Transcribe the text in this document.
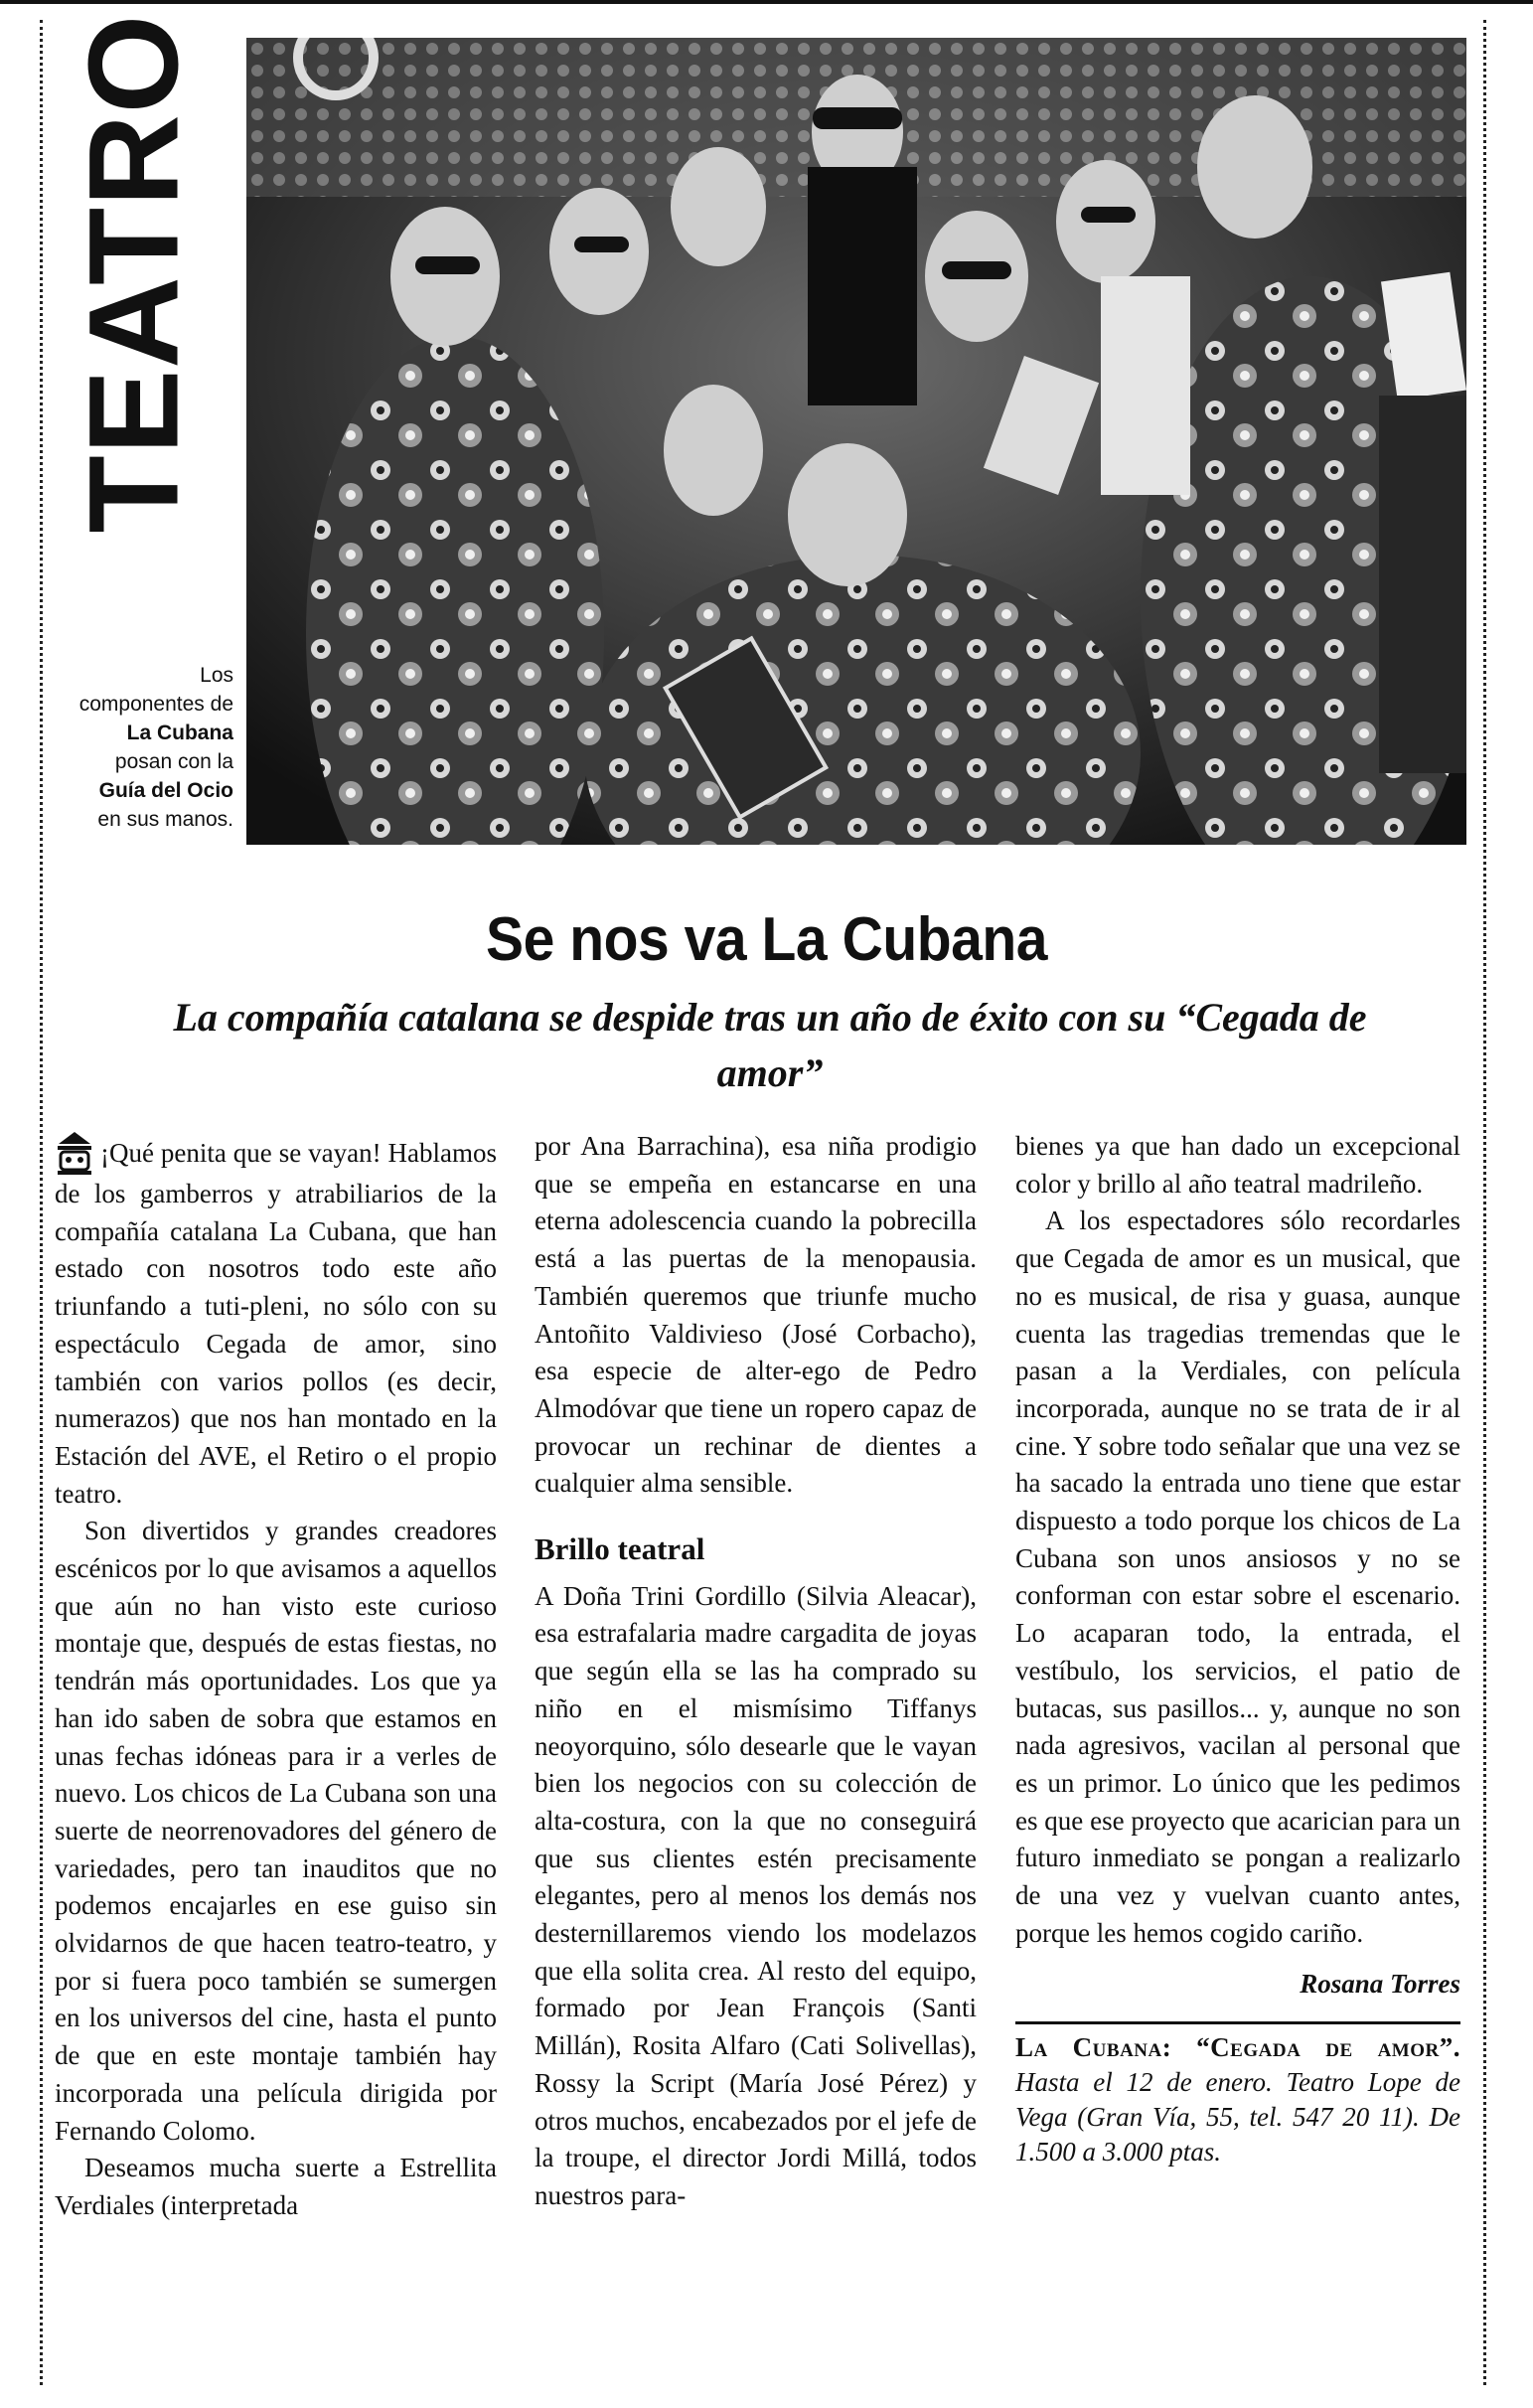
TEATRO
Los
componentes de
La Cubana
posan con la
Guía del Ocio
en sus manos.
Se nos va La Cubana
La compañía catalana se despide tras un año de éxito con su “Cegada de amor”

¡Qué penita que se vayan! Hablamos de los gamberros y atrabiliarios de la compañía catalana La Cubana, que han estado con nosotros todo este año triunfando a tuti-pleni, no sólo con su espectáculo Cegada de amor, sino también con varios pollos (es decir, numerazos) que nos han montado en la Estación del AVE, el Retiro o el propio teatro.

Son divertidos y grandes creadores escénicos por lo que avisamos a aquellos que aún no han visto este curioso montaje que, después de estas fiestas, no tendrán más oportunidades. Los que ya han ido saben de sobra que estamos en unas fechas idóneas para ir a verles de nuevo. Los chicos de La Cubana son una suerte de neorrenovadores del género de variedades, pero tan inauditos que no podemos encajarles en ese guiso sin olvidarnos de que hacen teatro-teatro, y por si fuera poco también se sumergen en los universos del cine, hasta el punto de que en este montaje también hay incorporada una película dirigida por Fernando Colomo.

Deseamos mucha suerte a Estrellita Verdiales (interpretada

por Ana Barrachina), esa niña prodigio que se empeña en estancarse en una eterna adolescencia cuando la pobrecilla está a las puertas de la menopausia. También queremos que triunfe mucho Antoñito Valdivieso (José Corbacho), esa especie de alter-ego de Pedro Almodóvar que tiene un ropero capaz de provocar un rechinar de dientes a cualquier alma sensible.

Brillo teatral

A Doña Trini Gordillo (Silvia Aleacar), esa estrafalaria madre cargadita de joyas que según ella se las ha comprado su niño en el mismísimo Tiffanys neoyorquino, sólo desearle que le vayan bien los negocios con su colección de alta-costura, con la que no conseguirá que sus clientes estén precisamente elegantes, pero al menos los demás nos desternillaremos viendo los modelazos que ella solita crea. Al resto del equipo, formado por Jean François (Santi Millán), Rosita Alfaro (Cati Solivellas), Rossy la Script (María José Pérez) y otros muchos, encabezados por el jefe de la troupe, el director Jordi Millá, todos nuestros para-

bienes ya que han dado un excepcional color y brillo al año teatral madrileño.

A los espectadores sólo recordarles que Cegada de amor es un musical, que no es musical, de risa y guasa, aunque cuenta las tragedias tremendas que le pasan a la Verdiales, con película incorporada, aunque no se trata de ir al cine. Y sobre todo señalar que una vez se ha sacado la entrada uno tiene que estar dispuesto a todo porque los chicos de La Cubana son unos ansiosos y no se conforman con estar sobre el escenario. Lo acaparan todo, la entrada, el vestíbulo, los servicios, el patio de butacas, sus pasillos... y, aunque no son nada agresivos, vacilan al personal que es un primor. Lo único que les pedimos es que ese proyecto que acarician para un futuro inmediato se pongan a realizarlo de una vez y vuelvan cuanto antes, porque les hemos cogido cariño.

Rosana Torres
La Cubana: “Cegada de amor”. Hasta el 12 de enero. Teatro Lope de Vega (Gran Vía, 55, tel. 547 20 11). De 1.500 a 3.000 ptas.
